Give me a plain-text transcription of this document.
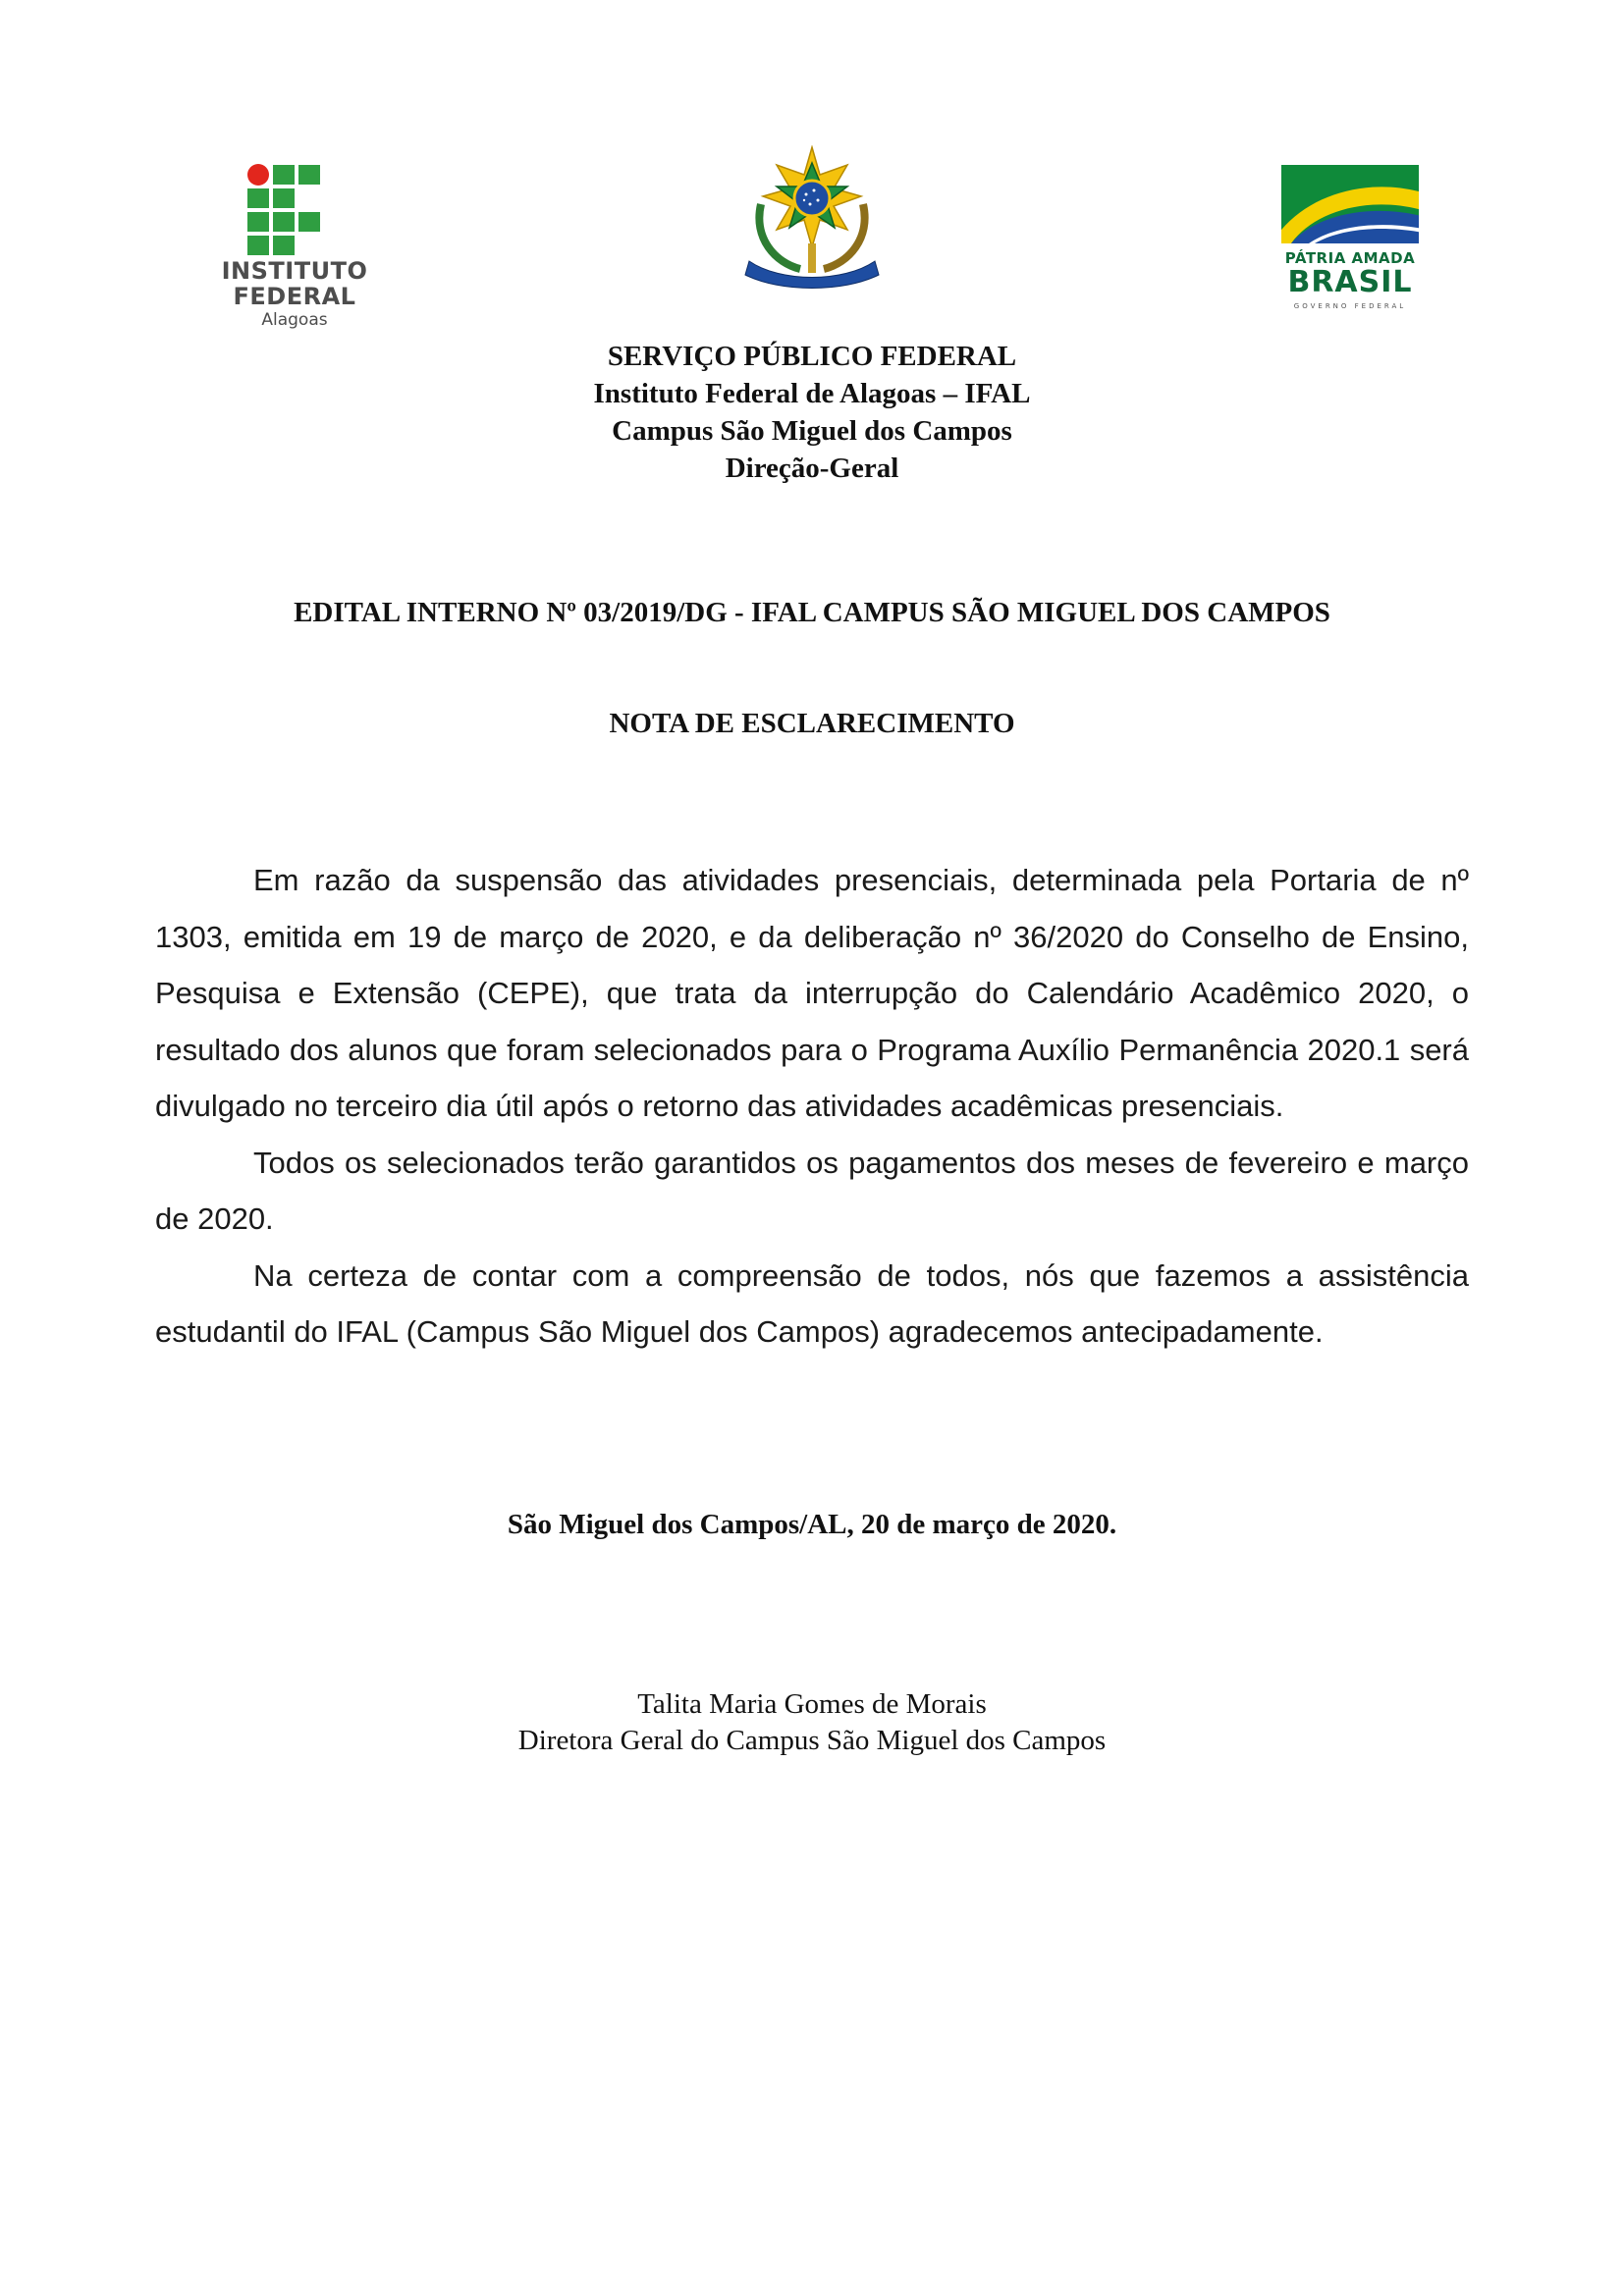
INSTITUTO
FEDERAL
Alagoas
PÁTRIA AMADA
BRASIL
GOVERNO FEDERAL
SERVIÇO PÚBLICO FEDERAL
Instituto Federal de Alagoas – IFAL
Campus São Miguel dos Campos
Direção-Geral
EDITAL INTERNO Nº 03/2019/DG - IFAL CAMPUS SÃO MIGUEL DOS CAMPOS
NOTA DE ESCLARECIMENTO

Em razão da suspensão das atividades presenciais, determinada pela Portaria de nº 1303, emitida em 19 de março de 2020, e da deliberação nº 36/2020 do Conselho de Ensino, Pesquisa e Extensão (CEPE), que trata da interrupção do Calendário Acadêmico 2020, o resultado dos alunos que foram selecionados para o Programa Auxílio Permanência 2020.1 será divulgado no terceiro dia útil após o retorno das atividades acadêmicas presenciais.

Todos os selecionados terão garantidos os pagamentos dos meses de fevereiro e março de 2020.

Na certeza de contar com a compreensão de todos, nós que fazemos a assistência estudantil do IFAL (Campus São Miguel dos Campos) agradecemos antecipadamente.

São Miguel dos Campos/AL, 20 de março de 2020.
Talita Maria Gomes de Morais
Diretora Geral do Campus São Miguel dos Campos
